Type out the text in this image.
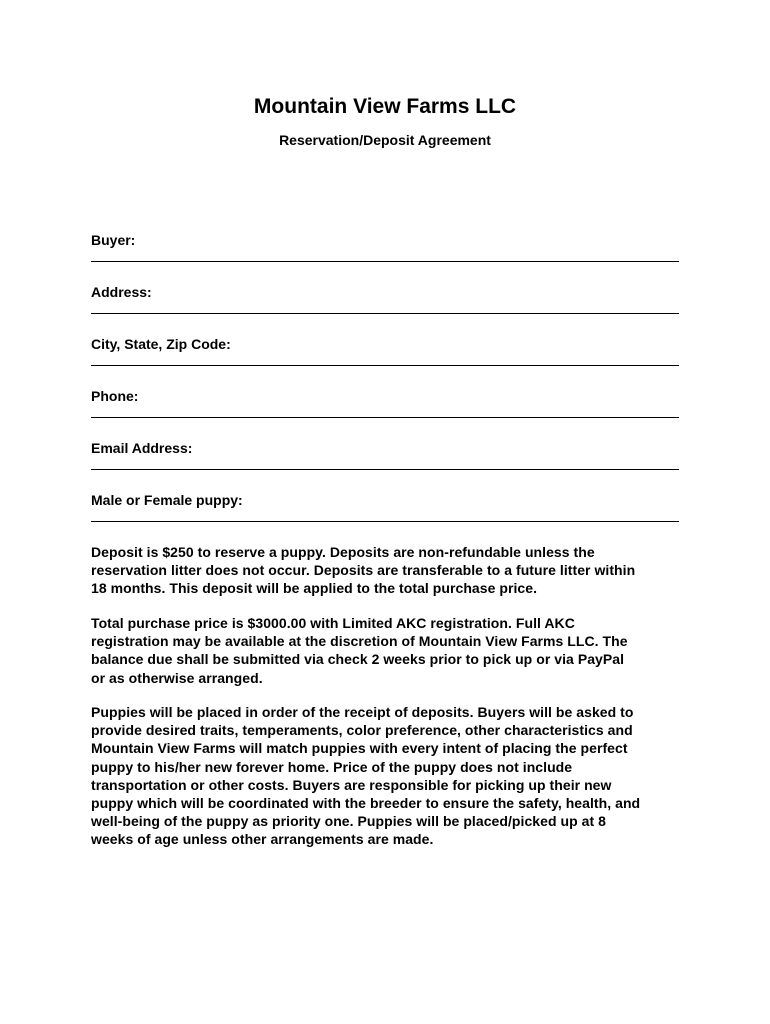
Mountain View Farms LLC
Reservation/Deposit Agreement
Buyer:
Address:
City, State, Zip Code:
Phone:
Email Address:
Male or Female puppy:

Deposit is $250 to reserve a puppy. Deposits are non-refundable unless the
reservation litter does not occur. Deposits are transferable to a future litter within
18 months. This deposit will be applied to the total purchase price.

Total purchase price is $3000.00 with Limited AKC registration. Full AKC
registration may be available at the discretion of Mountain View Farms LLC. The
balance due shall be submitted via check 2 weeks prior to pick up or via PayPal
or as otherwise arranged.

Puppies will be placed in order of the receipt of deposits. Buyers will be asked to
provide desired traits, temperaments, color preference, other characteristics and
Mountain View Farms will match puppies with every intent of placing the perfect
puppy to his/her new forever home. Price of the puppy does not include
transportation or other costs. Buyers are responsible for picking up their new
puppy which will be coordinated with the breeder to ensure the safety, health, and
well-being of the puppy as priority one. Puppies will be placed/picked up at 8
weeks of age unless other arrangements are made.
